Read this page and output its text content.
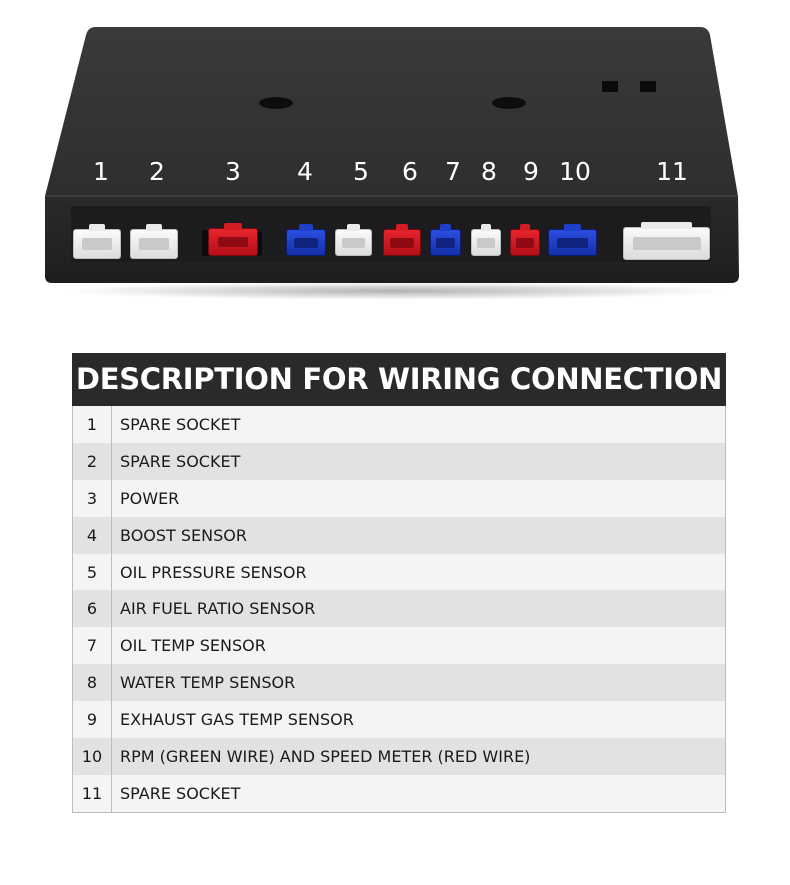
1 2 3 4 5 6 7 8 9 10	11
DESCRIPTION FOR WIRING CONNECTION
1	SPARE SOCKET
2	SPARE SOCKET
3	POWER
4	BOOST SENSOR
5	OIL PRESSURE SENSOR
6	AIR FUEL RATIO SENSOR
7	OIL TEMP SENSOR
8	WATER TEMP SENSOR
9	EXHAUST GAS TEMP SENSOR
10	RPM (GREEN WIRE) AND SPEED METER (RED WIRE)
11	SPARE SOCKET
